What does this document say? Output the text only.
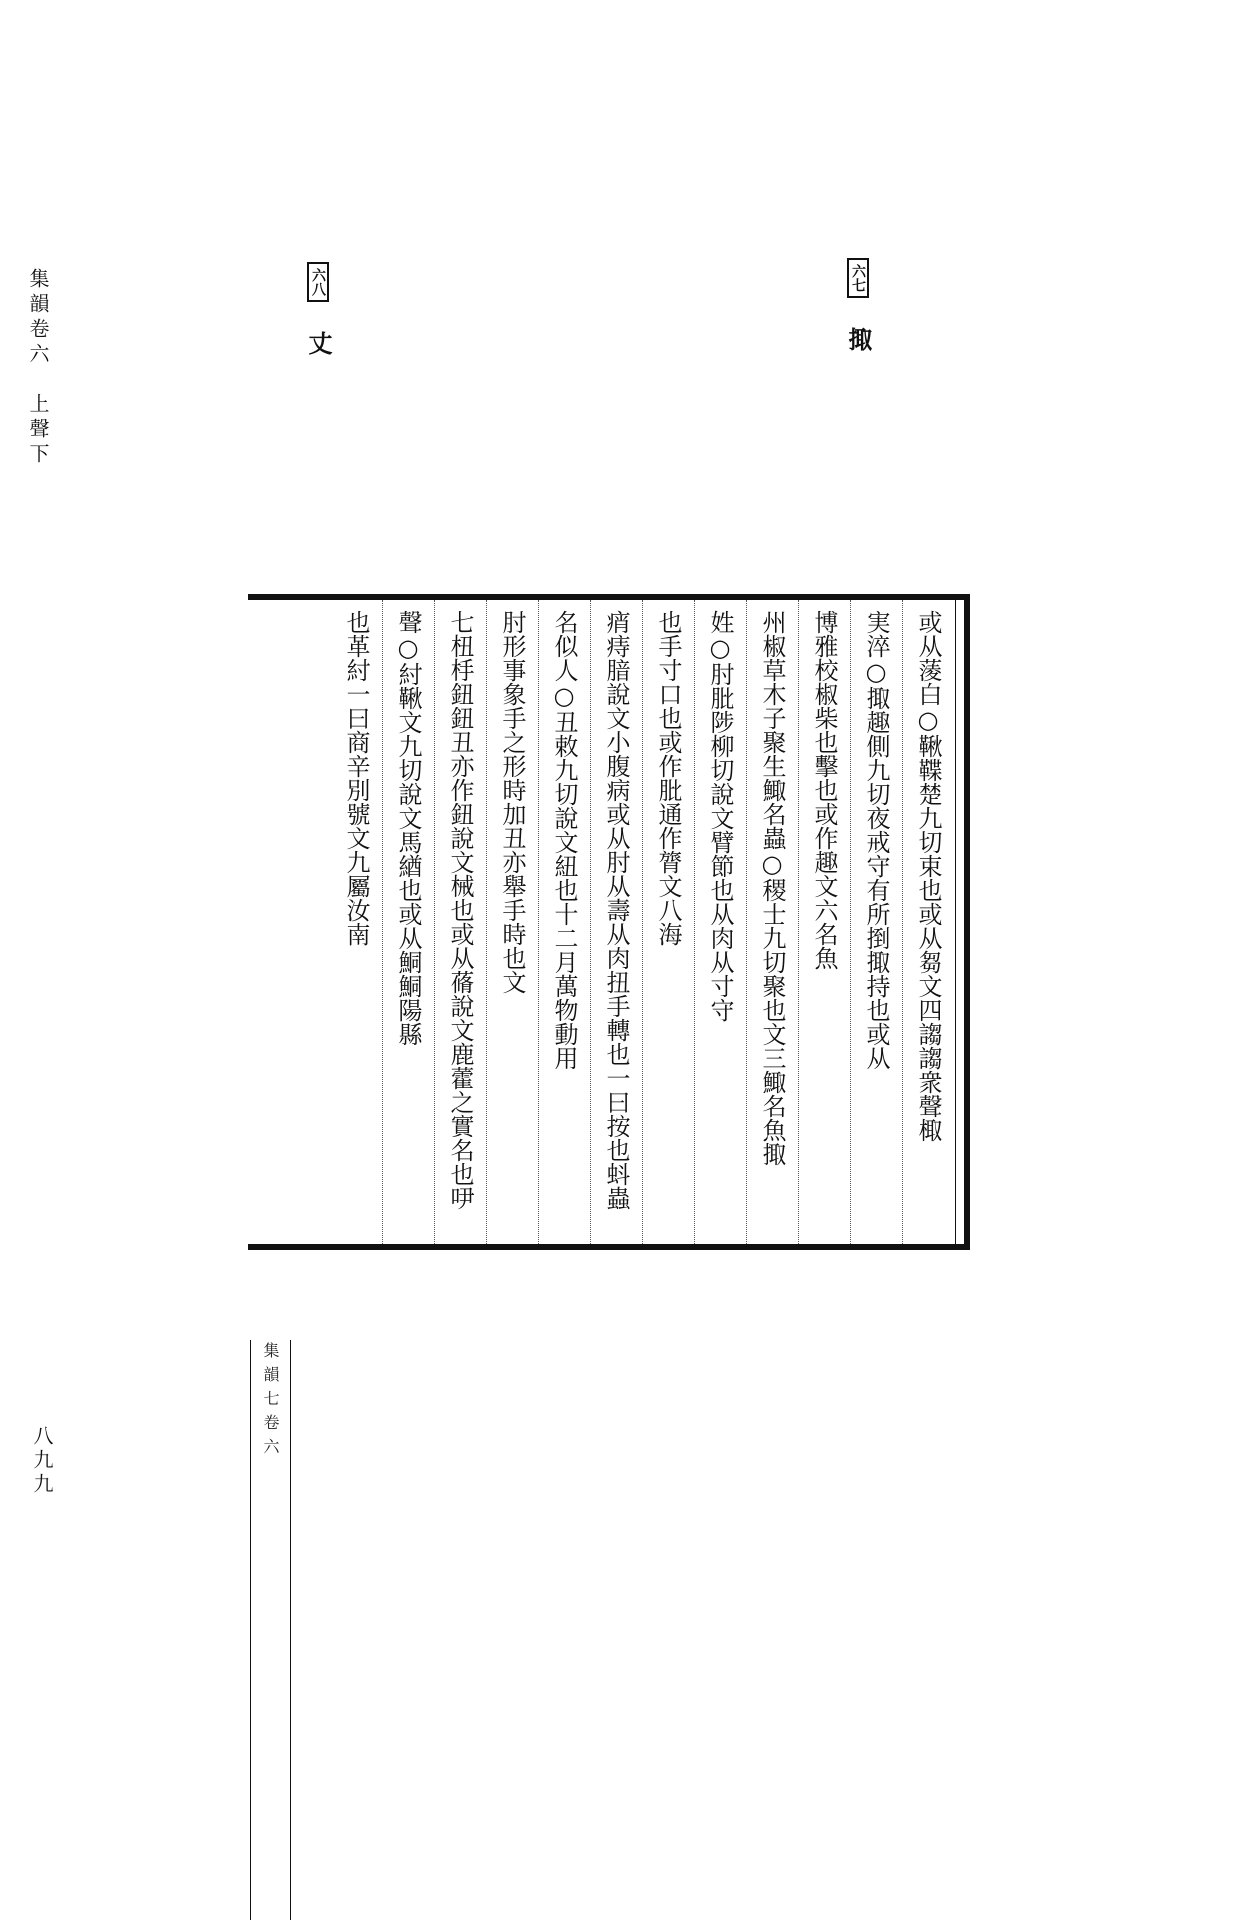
集韻卷六　上聲下
八九九
六七 掫
六八 丈
集韻七卷六
或从蔆白○鞦鞢楚九切束也或从芻文四謅謅衆聲棷
実淬○掫趣側九切夜戒守有所捯掫持也或从
博雅校椒柴也擊也或作趣文六名魚
州椒草木子聚生鯫名蟲○稷士九切聚也文三鯫名魚掫
姓○肘肶陟柳切說文臂節也从肉从寸守
也手寸口也或作肶通作膂文八海
痟痔腤說文小腹病或从肘从壽从肉扭手轉也一曰按也蚪蟲
名似人○丑敕九切說文紐也十二月萬物動用
肘形事象手之形時加丑亦舉手時也文
七杻杽鈕鈕丑亦作鈕說文械也或从蓨說文鹿藿之實名也吚
聲○紂鞦文九切說文馬緧也或从鮦鮦陽縣
也革紂一曰商辛別號文九屬汝南
